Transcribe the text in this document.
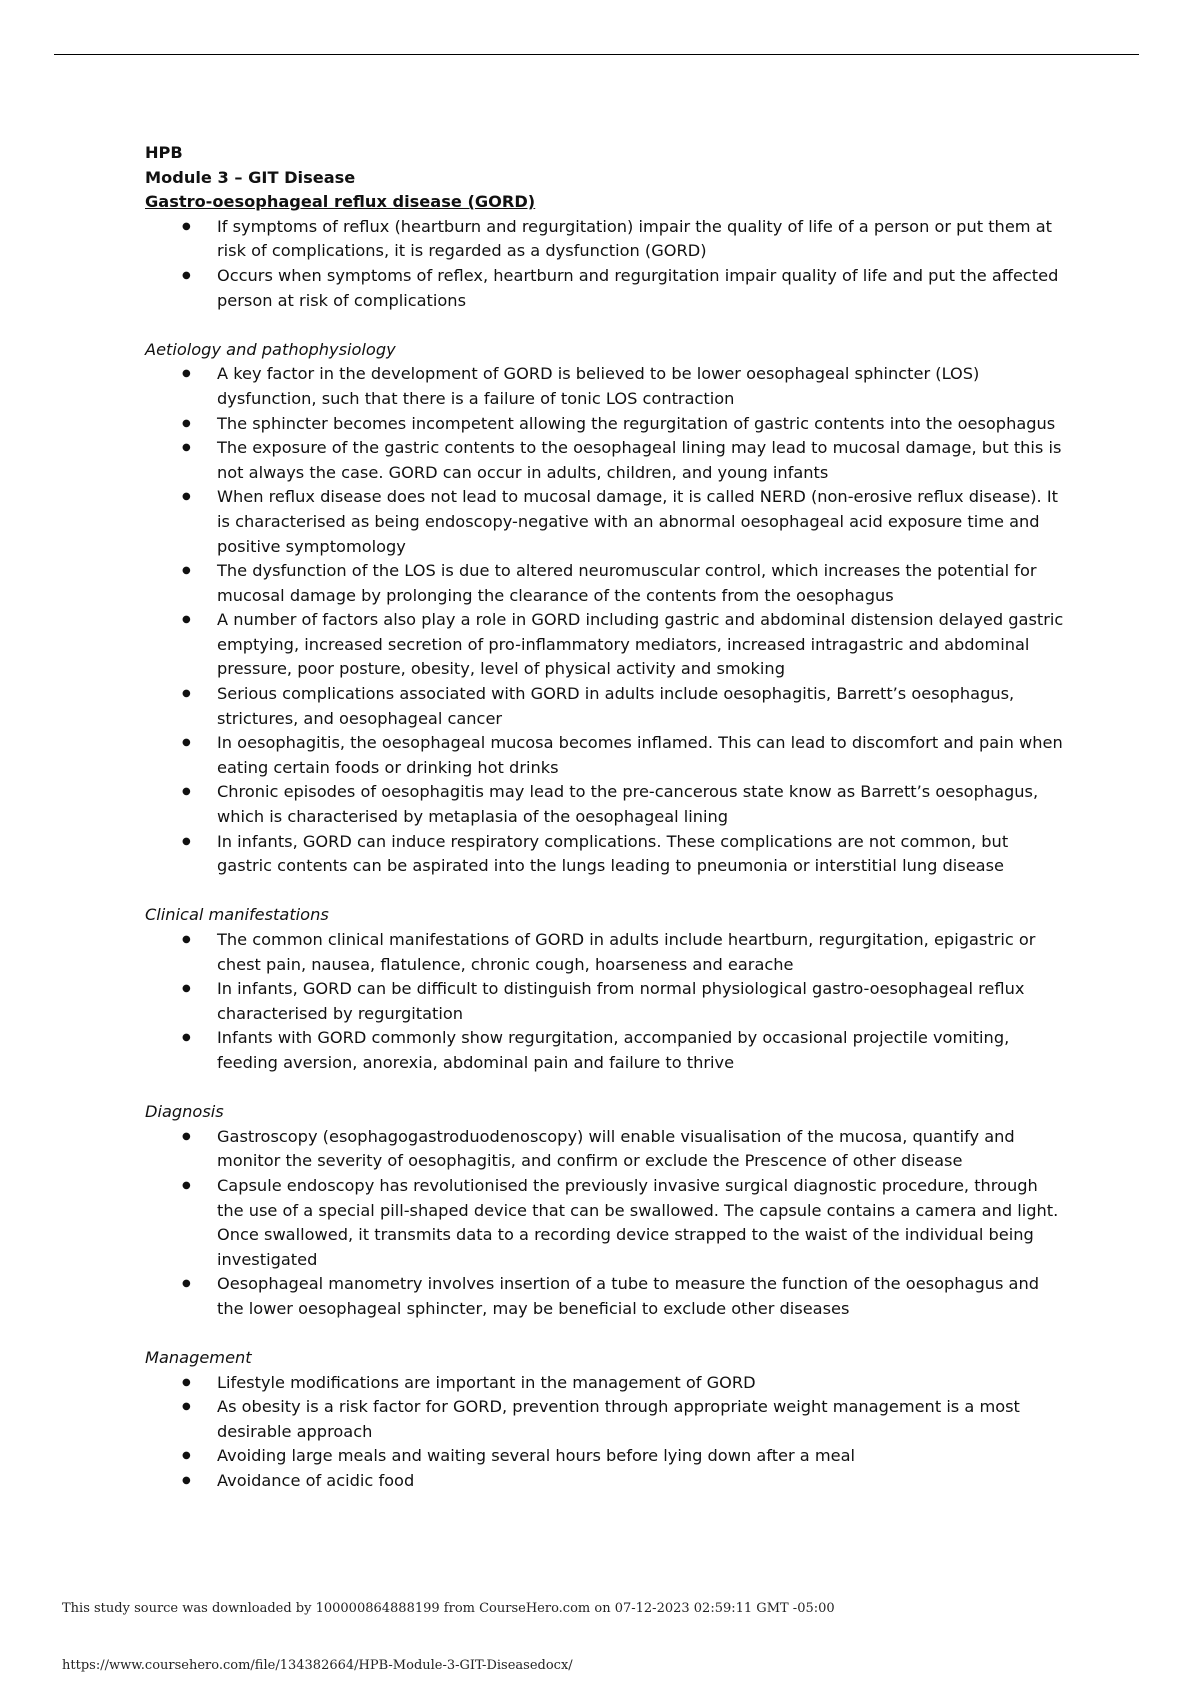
HPB

Module 3 – GIT Disease

Gastro-oesophageal reflux disease (GORD)

● If symptoms of reflux (heartburn and regurgitation) impair the quality of life of a person or put them at risk of complications, it is regarded as a dysfunction (GORD)
● Occurs when symptoms of reflex, heartburn and regurgitation impair quality of life and put the affected person at risk of complications

Aetiology and pathophysiology

● A key factor in the development of GORD is believed to be lower oesophageal sphincter (LOS) dysfunction, such that there is a failure of tonic LOS contraction
● The sphincter becomes incompetent allowing the regurgitation of gastric contents into the oesophagus
● The exposure of the gastric contents to the oesophageal lining may lead to mucosal damage, but this is not always the case. GORD can occur in adults, children, and young infants
● When reflux disease does not lead to mucosal damage, it is called NERD (non-erosive reflux disease). It is characterised as being endoscopy-negative with an abnormal oesophageal acid exposure time and positive symptomology
● The dysfunction of the LOS is due to altered neuromuscular control, which increases the potential for mucosal damage by prolonging the clearance of the contents from the oesophagus
● A number of factors also play a role in GORD including gastric and abdominal distension delayed gastric emptying, increased secretion of pro-inflammatory mediators, increased intragastric and abdominal pressure, poor posture, obesity, level of physical activity and smoking
● Serious complications associated with GORD in adults include oesophagitis, Barrett’s oesophagus, strictures, and oesophageal cancer
● In oesophagitis, the oesophageal mucosa becomes inflamed. This can lead to discomfort and pain when eating certain foods or drinking hot drinks
● Chronic episodes of oesophagitis may lead to the pre-cancerous state know as Barrett’s oesophagus, which is characterised by metaplasia of the oesophageal lining
● In infants, GORD can induce respiratory complications. These complications are not common, but gastric contents can be aspirated into the lungs leading to pneumonia or interstitial lung disease

Clinical manifestations

● The common clinical manifestations of GORD in adults include heartburn, regurgitation, epigastric or chest pain, nausea, flatulence, chronic cough, hoarseness and earache
● In infants, GORD can be difficult to distinguish from normal physiological gastro-oesophageal reflux characterised by regurgitation
● Infants with GORD commonly show regurgitation, accompanied by occasional projectile vomiting, feeding aversion, anorexia, abdominal pain and failure to thrive

Diagnosis

● Gastroscopy (esophagogastroduodenoscopy) will enable visualisation of the mucosa, quantify and monitor the severity of oesophagitis, and confirm or exclude the Prescence of other disease
● Capsule endoscopy has revolutionised the previously invasive surgical diagnostic procedure, through the use of a special pill-shaped device that can be swallowed. The capsule contains a camera and light. Once swallowed, it transmits data to a recording device strapped to the waist of the individual being investigated
● Oesophageal manometry involves insertion of a tube to measure the function of the oesophagus and the lower oesophageal sphincter, may be beneficial to exclude other diseases

Management

● Lifestyle modifications are important in the management of GORD
● As obesity is a risk factor for GORD, prevention through appropriate weight management is a most desirable approach
● Avoiding large meals and waiting several hours before lying down after a meal
● Avoidance of acidic food
This study source was downloaded by 100000864888199 from CourseHero.com on 07-12-2023 02:59:11 GMT -05:00
https://www.coursehero.com/file/134382664/HPB-Module-3-GIT-Diseasedocx/
